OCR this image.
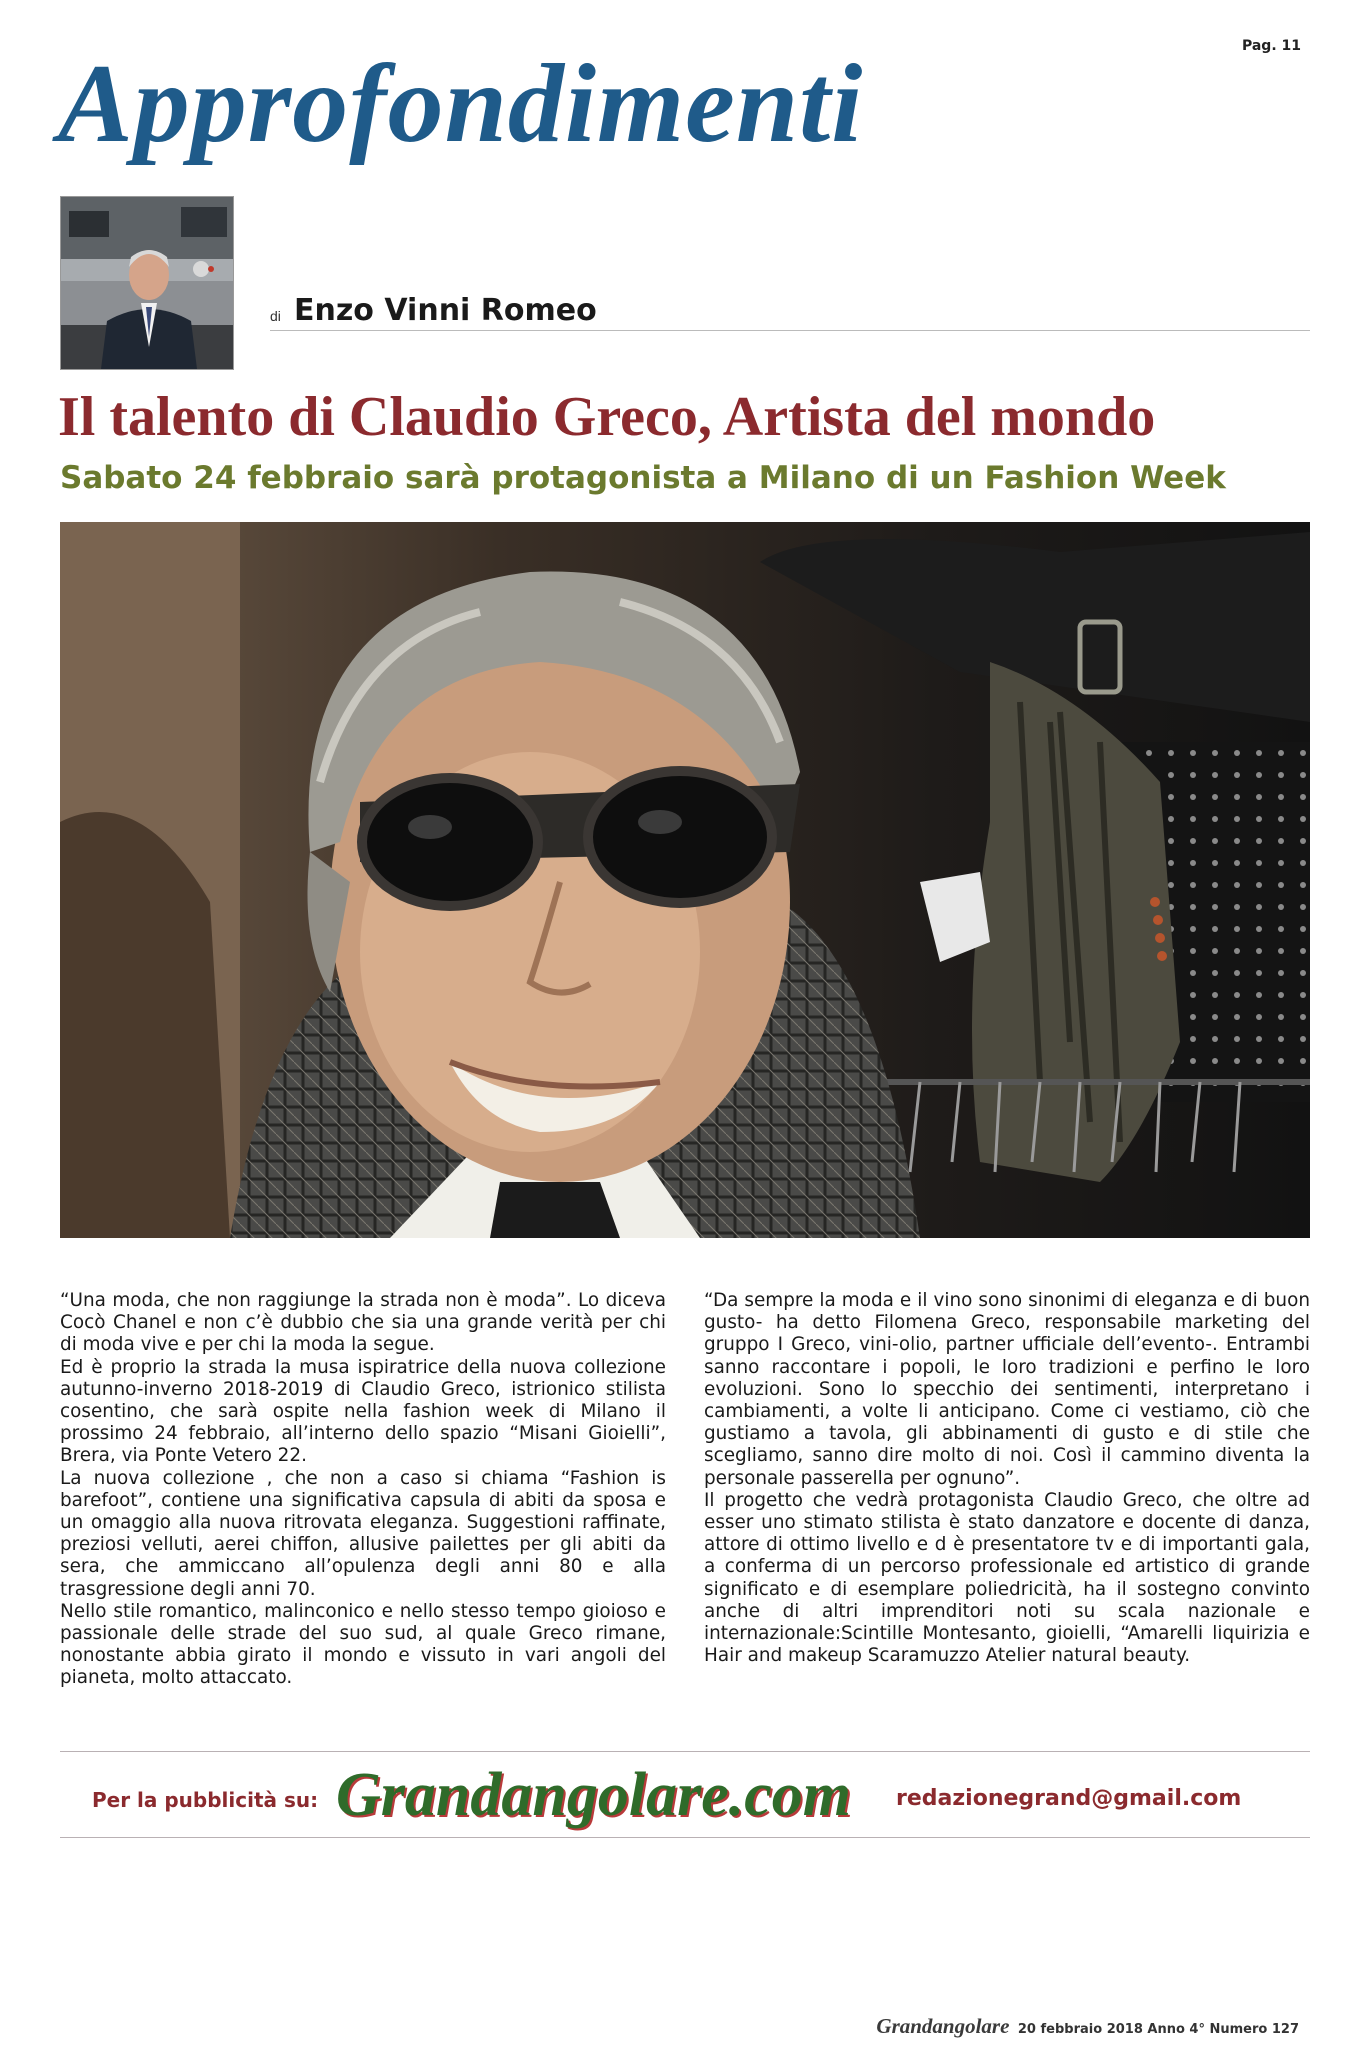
Pag. 11
Approfondimenti
di Enzo Vinni Romeo
Il talento di Claudio Greco, Artista del mondo
Sabato 24 febbraio sarà protagonista a Milano di un Fashion Week

“Una moda, che non raggiunge la strada non è moda”. Lo diceva Cocò Chanel e non c’è dubbio che sia una grande verità per chi di moda vive e per chi la moda la segue.

Ed è proprio la strada la musa ispiratrice della nuova collezione autunno-inverno 2018-2019 di Claudio Greco, istrionico stilista cosentino, che sarà ospite nella fashion week di Milano il prossimo 24 febbraio, all’interno dello spazio “Misani Gioielli”, Brera, via Ponte Vetero 22.

La nuova collezione , che non a caso si chiama “Fashion is barefoot”, contiene una significativa capsula di abiti da sposa e un omaggio alla nuova ritrovata eleganza. Suggestioni raffinate, preziosi velluti, aerei chiffon, allusive pailettes per gli abiti da sera, che ammiccano all’opulenza degli anni 80 e alla trasgressione degli anni 70.

Nello stile romantico, malinconico e nello stesso tempo gioioso e passionale delle strade del suo sud, al quale Greco rimane, nonostante abbia girato il mondo e vissuto in vari angoli del pianeta, molto attaccato.

“Da sempre la moda e il vino sono sinonimi di eleganza e di buon gusto- ha detto Filomena Greco, responsabile marketing del gruppo I Greco, vini-olio, partner ufficiale dell’evento-. Entrambi sanno raccontare i popoli, le loro tradizioni e perfino le loro evoluzioni. Sono lo specchio dei sentimenti, interpretano i cambiamenti, a volte li anticipano. Come ci vestiamo, ciò che gustiamo a tavola, gli abbinamenti di gusto e di stile che scegliamo, sanno dire molto di noi. Così il cammino diventa la personale passerella per ognuno”.

Il progetto che vedrà protagonista Claudio Greco, che oltre ad esser uno stimato stilista è stato danzatore e docente di danza, attore di ottimo livello e d è presentatore tv e di importanti gala, a conferma di un percorso professionale ed artistico di grande significato e di esemplare poliedricità, ha il sostegno convinto anche di altri imprenditori noti su scala nazionale e internazionale:Scintille Montesanto, gioielli, “Amarelli liquirizia e Hair and makeup Scaramuzzo Atelier natural beauty.

Per la pubblicità su: Grandangolare.com redazionegrand@gmail.com
Grandangolare 20 febbraio 2018 Anno 4° Numero 127
